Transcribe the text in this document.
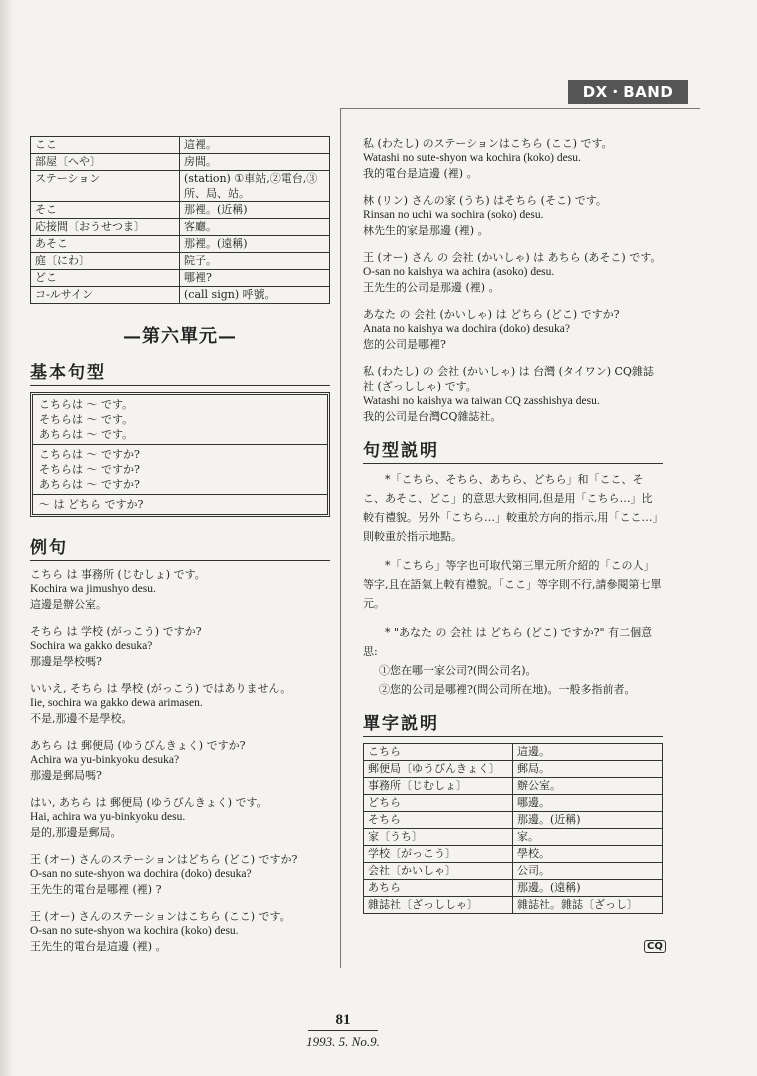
DX・BAND
ここ	這裡。
部屋〔へや〕	房間。
ステーション	(station) ①車站,②電台,③所、局、站。
そこ	那裡。(近稱)
応接間〔おうせつま〕	客廳。
あそこ	那裡。(遠稱)
庭〔にわ〕	院子。
どこ	哪裡?
コ-ルサイン	(call sign) 呼號。
—第六單元—
基本句型
こちらは 〜 です。
そちらは 〜 です。
あちらは 〜 です。
こちらは 〜 ですか?
そちらは 〜 ですか?
あちらは 〜 ですか?
〜 は どちら ですか?
例句
こちら は 事務所 (じむしょ) です。
Kochira wa jimushyo desu.
這邊是辦公室。
そちら は 学校 (がっこう) ですか?
Sochira wa gakko desuka?
那邊是學校嗎?
いいえ, そちら は 學校 (がっこう) ではありません。
Iie, sochira wa gakko dewa arimasen.
不是,那邊不是學校。
あちら は 郵便局 (ゆうびんきょく) ですか?
Achira wa yu-binkyoku desuka?
那邊是郵局嗎?
はい, あちら は 郵便局 (ゆうびんきょく) です。
Hai, achira wa yu-binkyoku desu.
是的,那邊是郵局。
王 (オー) さんのステーションはどちら (どこ) ですか?
O-san no sute-shyon wa dochira (doko) desuka?
王先生的電台是哪裡 (裡) ?
王 (オー) さんのステーションはこちら (ここ) です。
O-san no sute-shyon wa kochira (koko) desu.
王先生的電台是這邊 (裡) 。
私 (わたし) のステーションはこちら (ここ) です。
Watashi no sute-shyon wa kochira (koko) desu.
我的電台是這邊 (裡) 。
林 (リン) さんの家 (うち) はそちら (そこ) です。
Rinsan no uchi wa sochira (soko) desu.
林先生的家是那邊 (裡) 。
王 (オー) さん の 会社 (かいしゃ) は あちら (あそこ) です。
O-san no kaishya wa achira (asoko) desu.
王先生的公司是那邊 (裡) 。
あなた の 会社 (かいしゃ) は どちら (どこ) ですか?
Anata no kaishya wa dochira (doko) desuka?
您的公司是哪裡?
私 (わたし) の 会社 (かいしゃ) は 台灣 (タイワン) CQ雜誌社 (ざっししゃ) です。
Watashi no kaishya wa taiwan CQ zasshishya desu.
我的公司是台灣CQ雜誌社。
句型説明
*「こちら、そちら、あちら、どちら」和「ここ、そこ、あそこ、どこ」的意思大致相同,但是用「こちら…」比較有禮貌。另外「こちら…」較重於方向的指示,用「ここ…」則較重於指示地點。
*「こちら」等字也可取代第三單元所介紹的「この人」等字,且在語氣上較有禮貌。「ここ」等字則不行,請參閱第七單元。
* "あなた の 会社 は どちら (どこ) ですか?" 有二個意思:
①您在哪一家公司?(問公司名)。
②您的公司是哪裡?(問公司所在地)。一般多指前者。
單字説明
こちら	這邊。
郵便局〔ゆうびんきょく〕	郵局。
事務所〔じむしょ〕	辦公室。
どちら	哪邊。
そちら	那邊。(近稱)
家〔うち〕	家。
学校〔がっこう〕	學校。
会社〔かいしゃ〕	公司。
あちら	那邊。(遠稱)
雜誌社〔ざっししゃ〕	雜誌社。雜誌〔ざっし〕
CQ
81
1993. 5. No.9.
